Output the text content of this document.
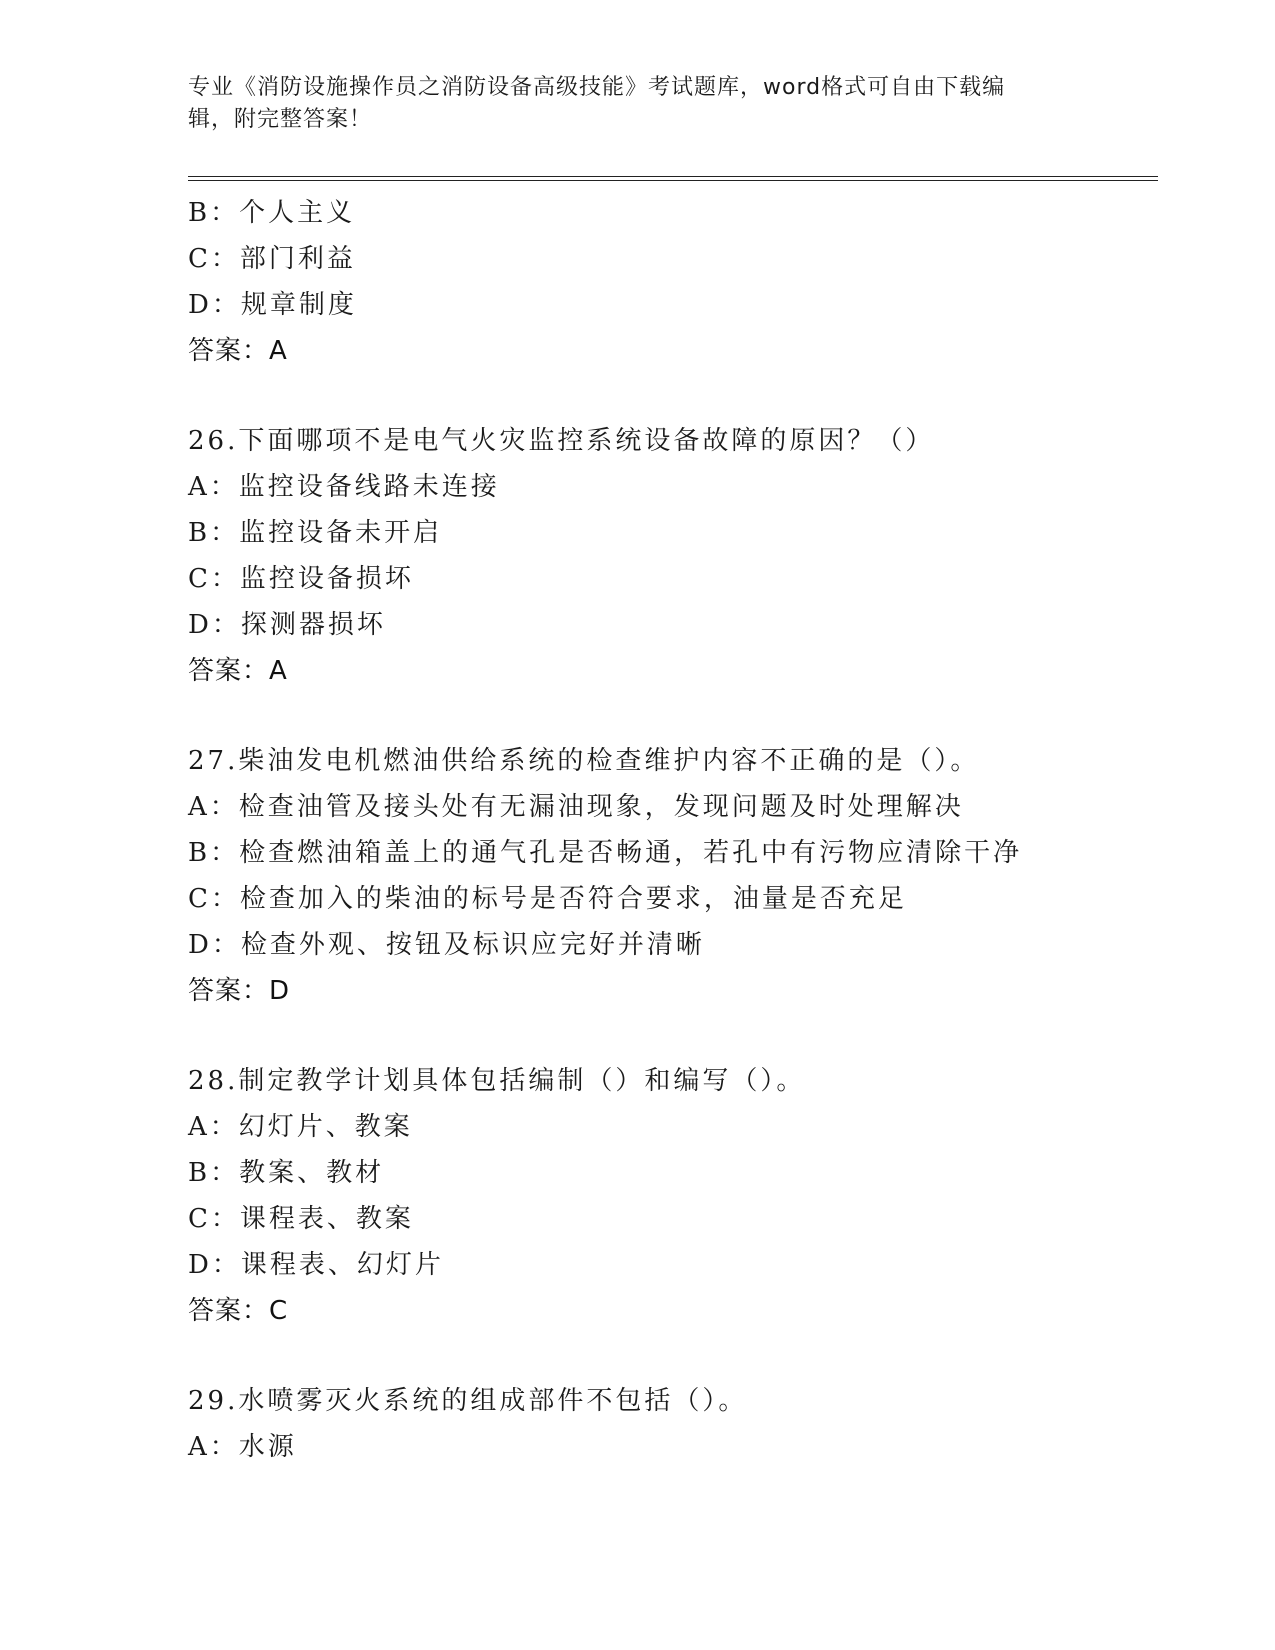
专业《消防设施操作员之消防设备高级技能》考试题库，word格式可自由下载编
辑，附完整答案！
B：个人主义
C：部门利益
D：规章制度
答案：A
26.下面哪项不是电气火灾监控系统设备故障的原因？（）
A：监控设备线路未连接
B：监控设备未开启
C：监控设备损坏
D：探测器损坏
答案：A
27.柴油发电机燃油供给系统的检查维护内容不正确的是（）。
A：检查油管及接头处有无漏油现象，发现问题及时处理解决
B：检查燃油箱盖上的通气孔是否畅通，若孔中有污物应清除干净
C：检查加入的柴油的标号是否符合要求，油量是否充足
D：检查外观、按钮及标识应完好并清晰
答案：D
28.制定教学计划具体包括编制（）和编写（）。
A：幻灯片、教案
B：教案、教材
C：课程表、教案
D：课程表、幻灯片
答案：C
29.水喷雾灭火系统的组成部件不包括（）。
A：水源
